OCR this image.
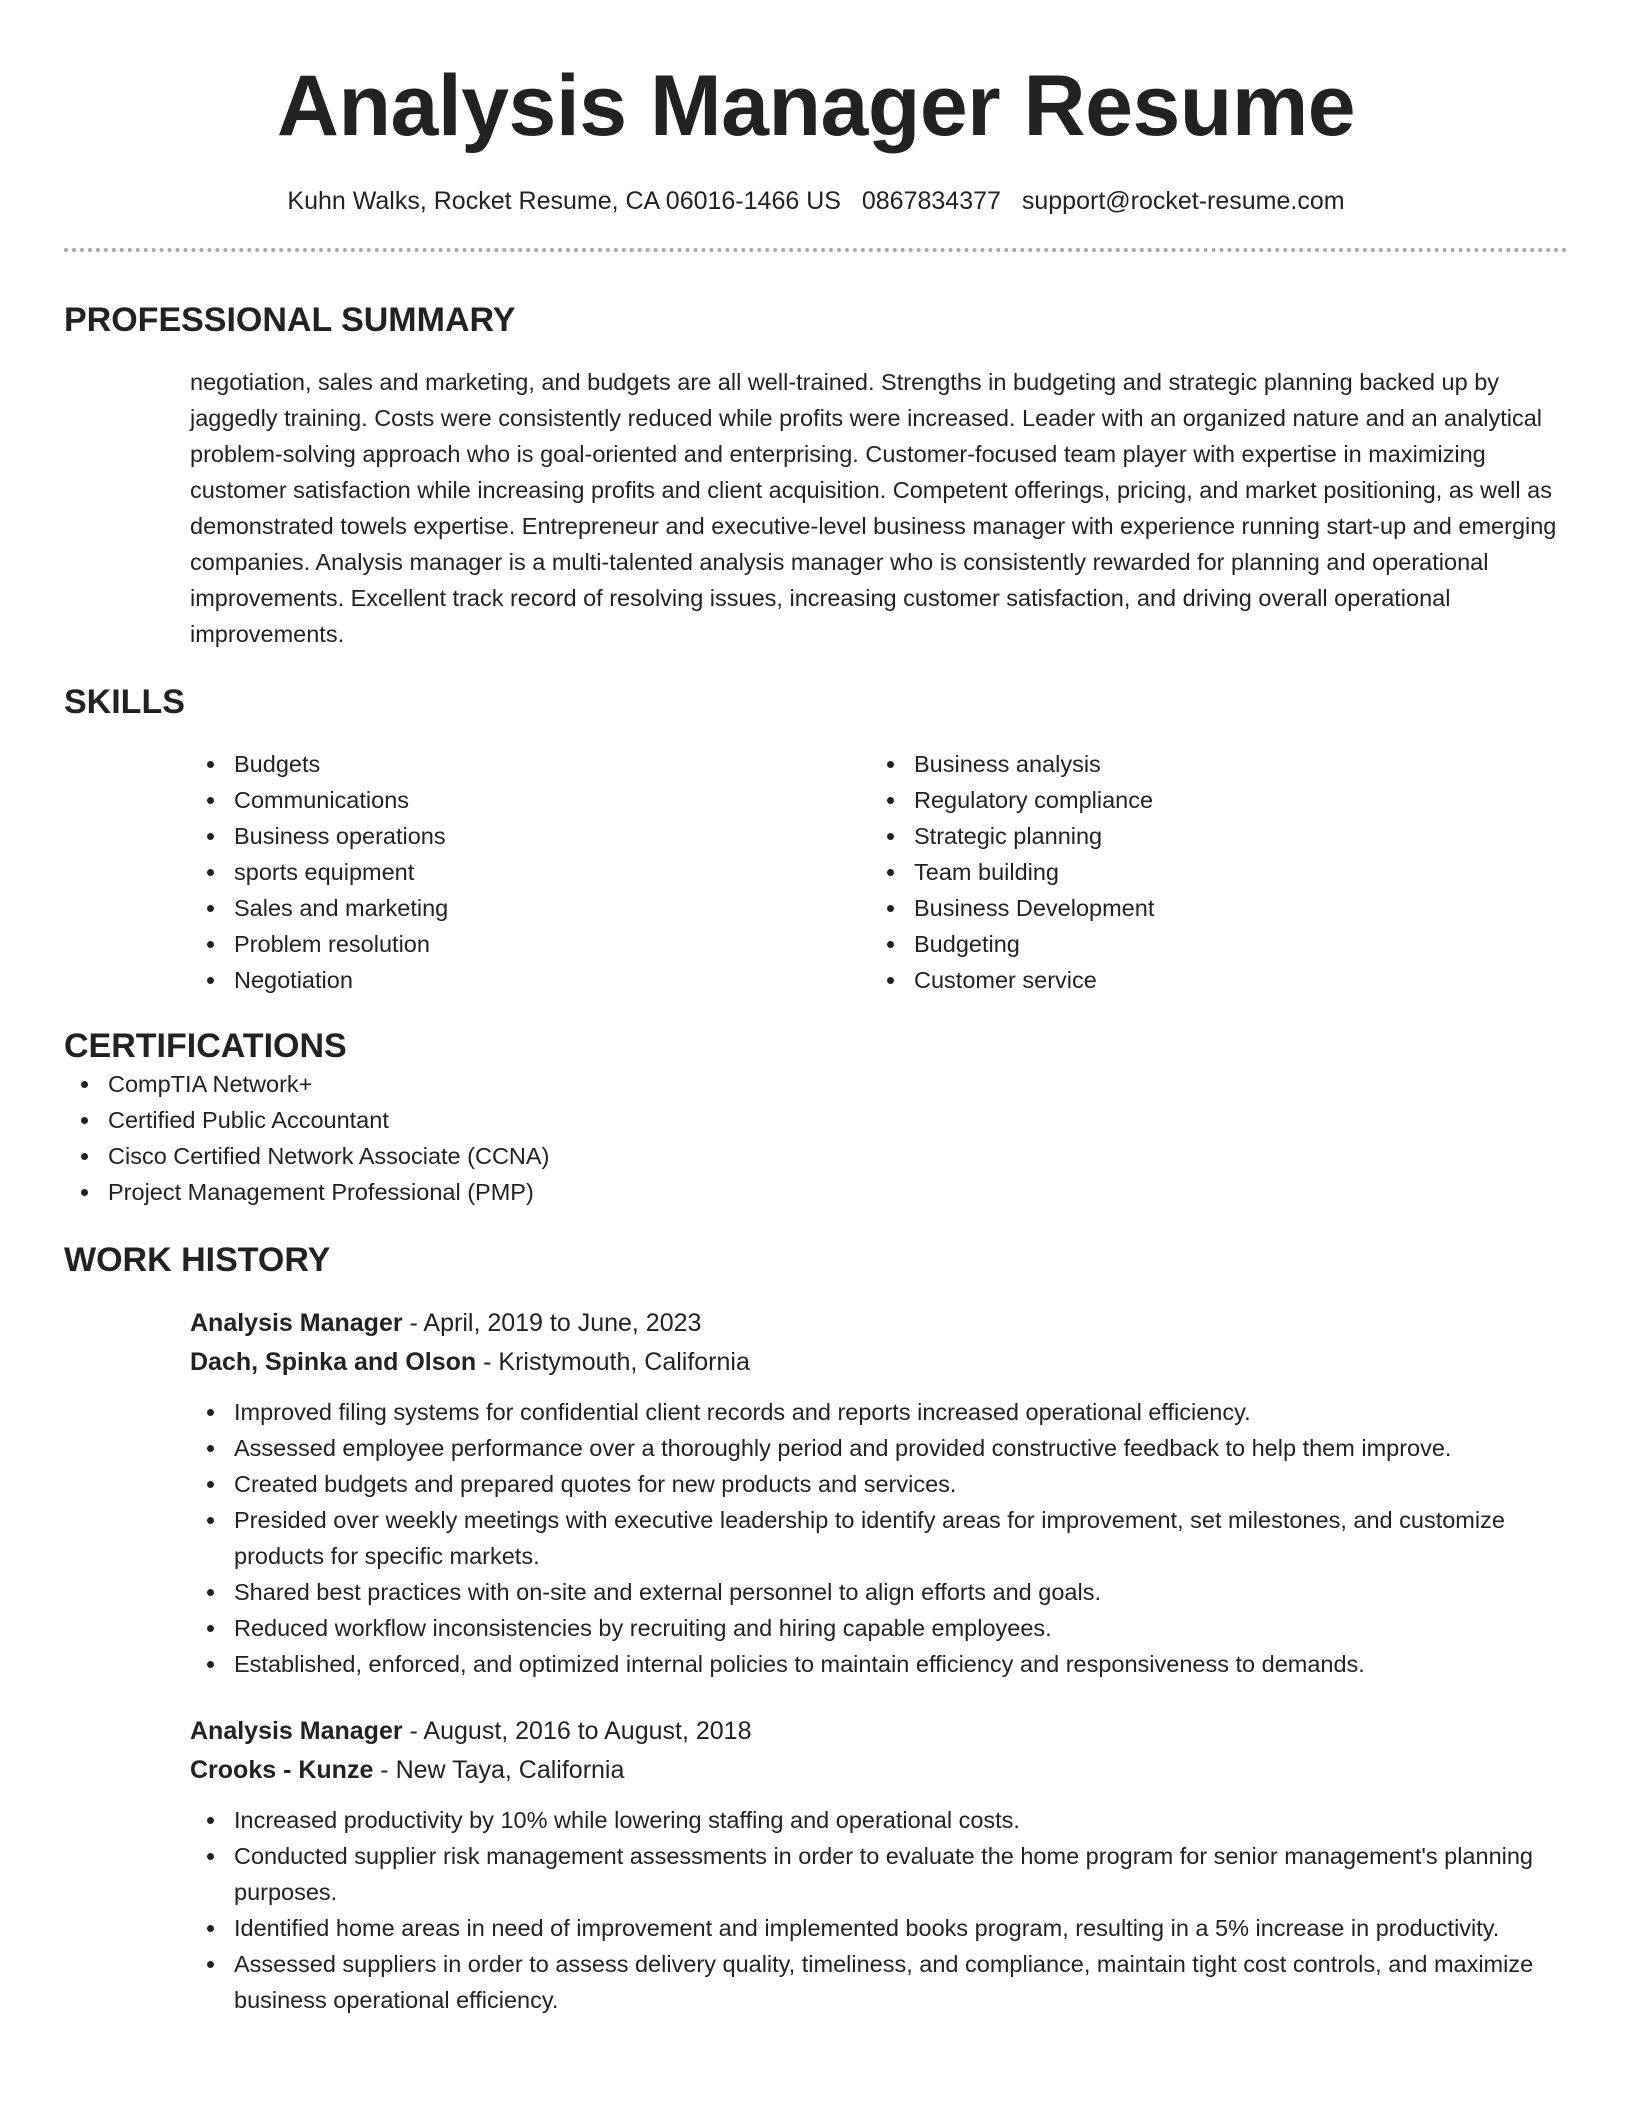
Analysis Manager Resume
Kuhn Walks, Rocket Resume, CA 06016-1466 US 0867834377 support@rocket-resume.com
PROFESSIONAL SUMMARY

negotiation, sales and marketing, and budgets are all well-trained. Strengths in budgeting and strategic planning backed up by jaggedly training. Costs were consistently reduced while profits were increased. Leader with an organized nature and an analytical problem-solving approach who is goal-oriented and enterprising. Customer-focused team player with expertise in maximizing customer satisfaction while increasing profits and client acquisition. Competent offerings, pricing, and market positioning, as well as demonstrated towels expertise. Entrepreneur and executive-level business manager with experience running start-up and emerging companies. Analysis manager is a multi-talented analysis manager who is consistently rewarded for planning and operational improvements. Excellent track record of resolving issues, increasing customer satisfaction, and driving overall operational improvements.

SKILLS
Budgets
Communications
Business operations
sports equipment
Sales and marketing
Problem resolution
Negotiation
Business analysis
Regulatory compliance
Strategic planning
Team building
Business Development
Budgeting
Customer service
CERTIFICATIONS
CompTIA Network+
Certified Public Accountant
Cisco Certified Network Associate (CCNA)
Project Management Professional (PMP)
WORK HISTORY
Analysis Manager - April, 2019 to June, 2023
Dach, Spinka and Olson - Kristymouth, California
Improved filing systems for confidential client records and reports increased operational efficiency.
Assessed employee performance over a thoroughly period and provided constructive feedback to help them improve.
Created budgets and prepared quotes for new products and services.
Presided over weekly meetings with executive leadership to identify areas for improvement, set milestones, and customize products for specific markets.
Shared best practices with on-site and external personnel to align efforts and goals.
Reduced workflow inconsistencies by recruiting and hiring capable employees.
Established, enforced, and optimized internal policies to maintain efficiency and responsiveness to demands.
Analysis Manager - August, 2016 to August, 2018
Crooks - Kunze - New Taya, California
Increased productivity by 10% while lowering staffing and operational costs.
Conducted supplier risk management assessments in order to evaluate the home program for senior management's planning purposes.
Identified home areas in need of improvement and implemented books program, resulting in a 5% increase in productivity.
Assessed suppliers in order to assess delivery quality, timeliness, and compliance, maintain tight cost controls, and maximize business operational efficiency.
